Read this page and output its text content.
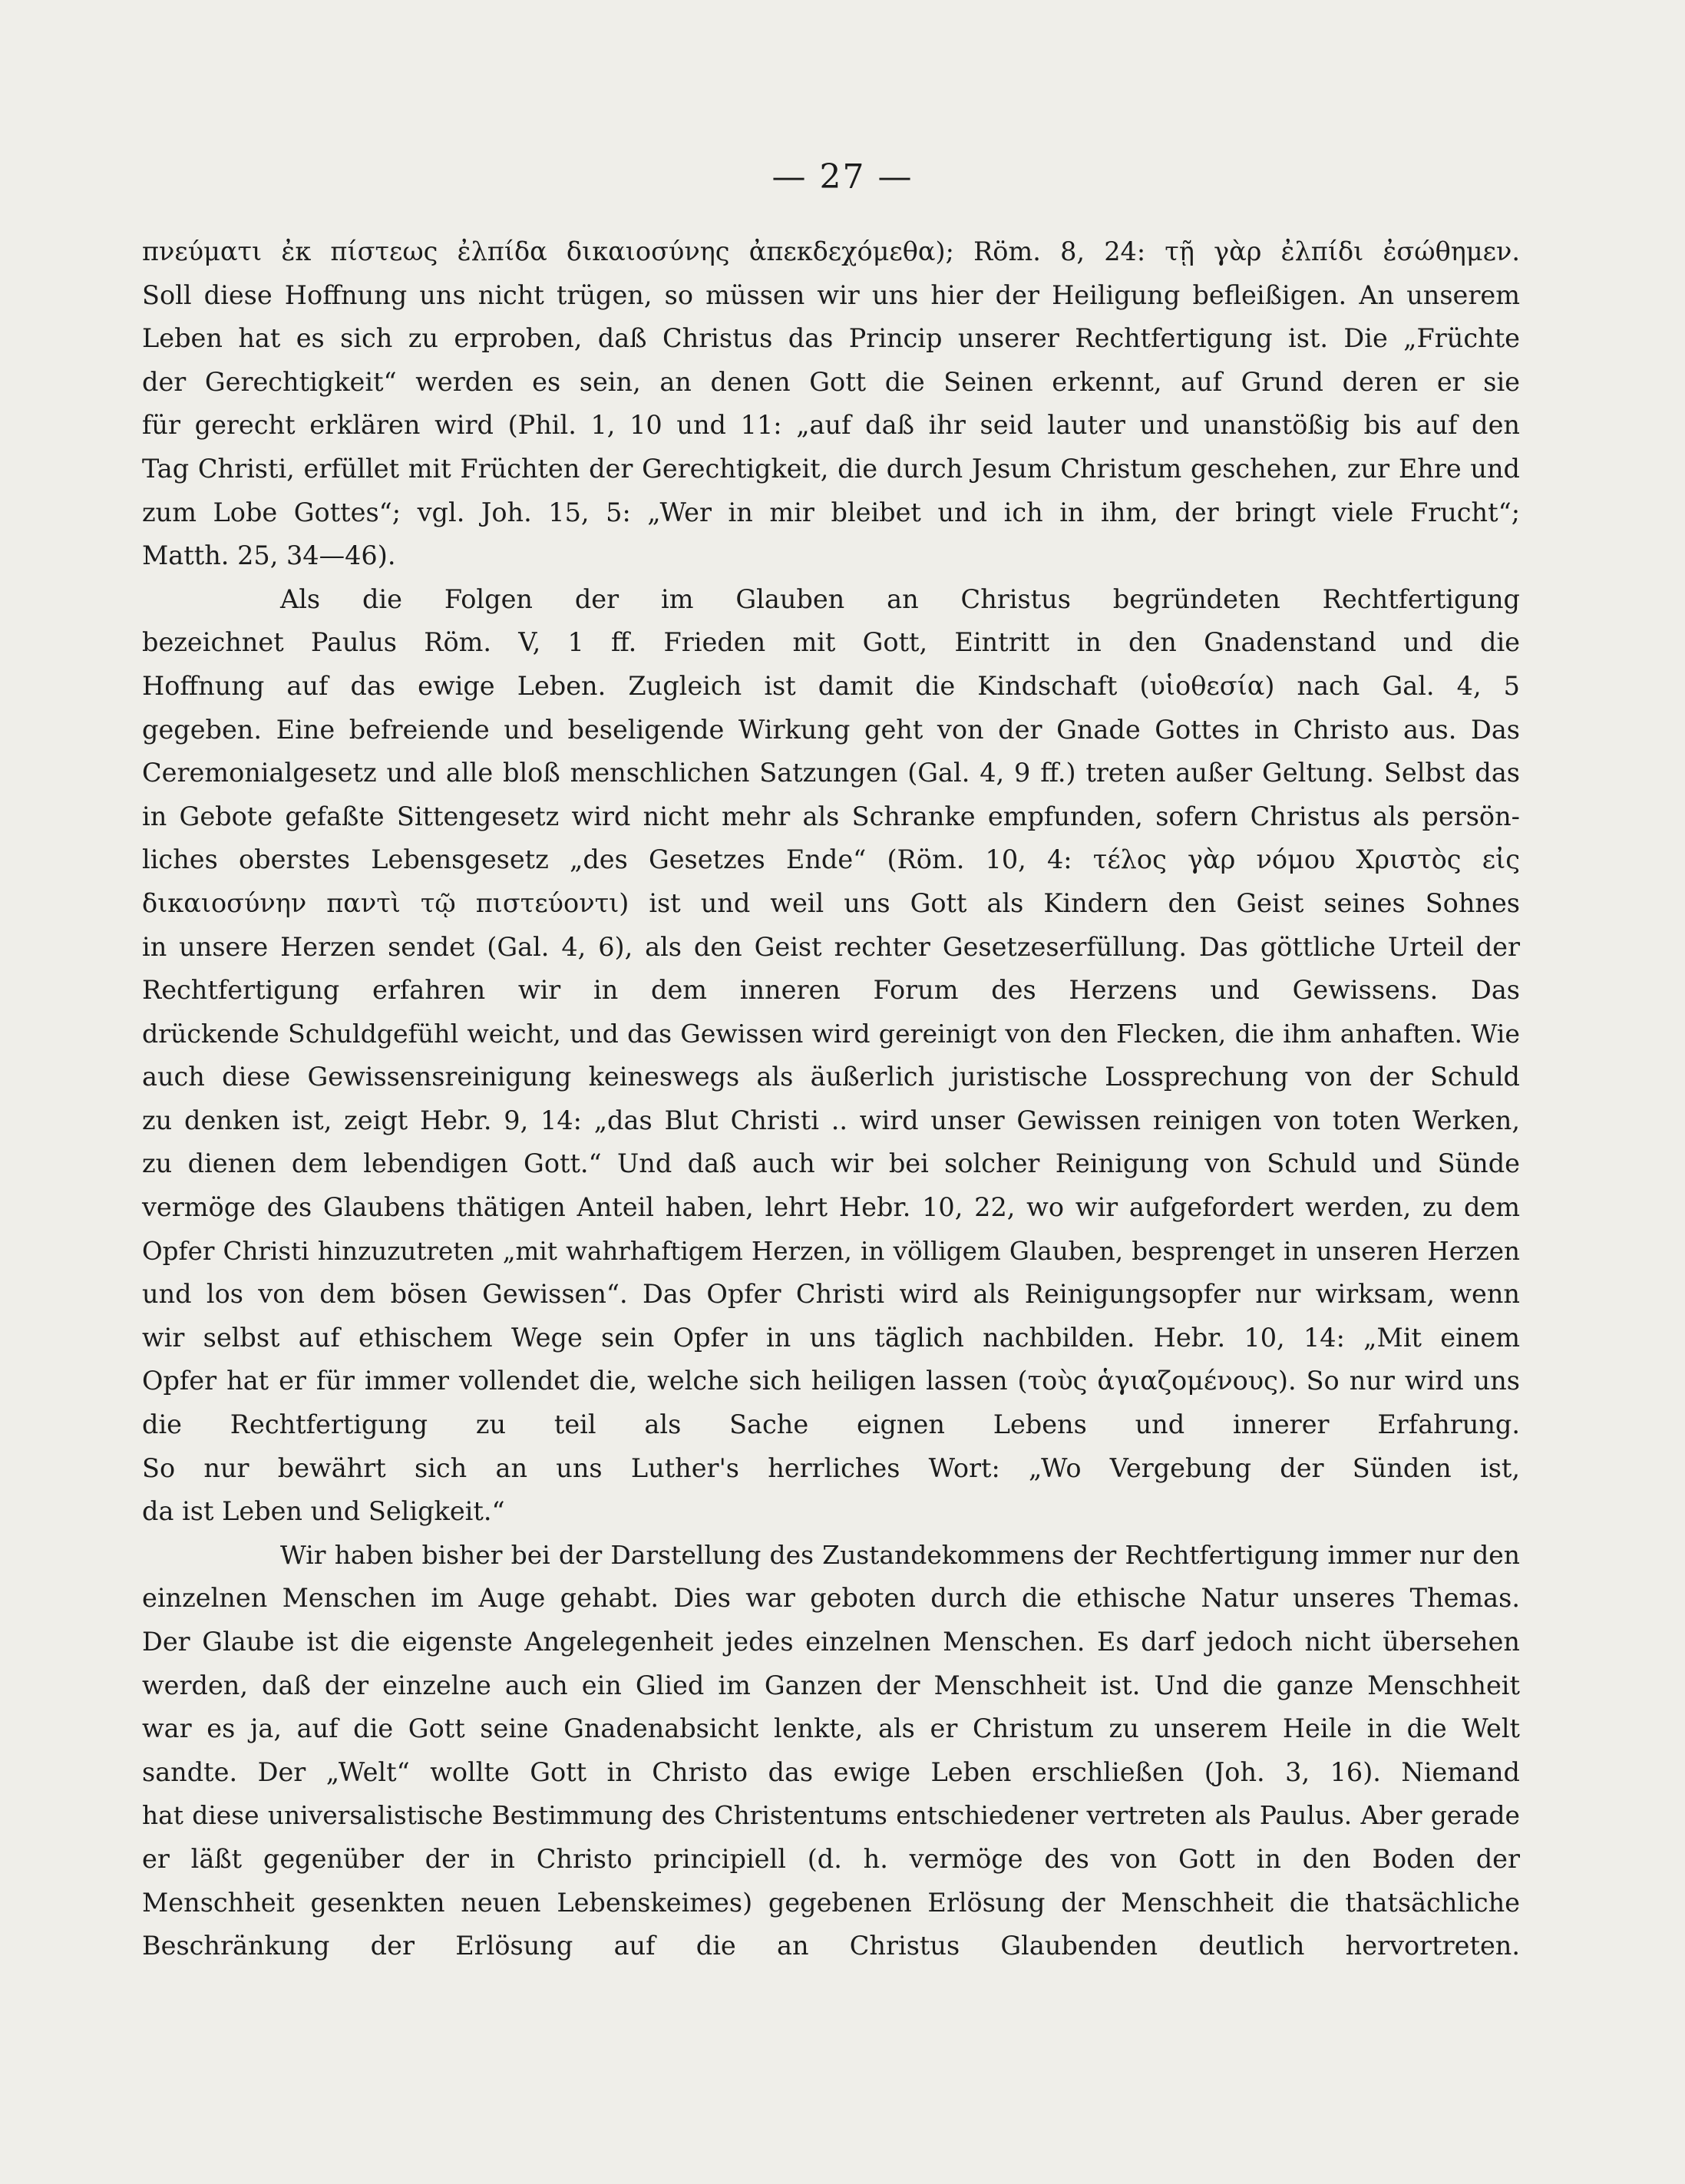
— 27 —
πνεύματι ἐκ πίστεως ἐλπίδα δικαιοσύνης ἀπεκδεχόμεθα); Röm. 8, 24: τῇ γὰρ ἐλπίδι ἐσώθημεν.
Soll diese Hoffnung uns nicht trügen, so müssen wir uns hier der Heiligung befleißigen. An unserem
Leben hat es sich zu erproben, daß Christus das Princip unserer Rechtfertigung ist. Die „Früchte
der Gerechtigkeit“ werden es sein, an denen Gott die Seinen erkennt, auf Grund deren er sie
für gerecht erklären wird (Phil. 1, 10 und 11: „auf daß ihr seid lauter und unanstößig bis auf den
Tag Christi, erfüllet mit Früchten der Gerechtigkeit, die durch Jesum Christum geschehen, zur Ehre und
zum Lobe Gottes“; vgl. Joh. 15, 5: „Wer in mir bleibet und ich in ihm, der bringt viele Frucht“;
Matth. 25, 34—46).
Als die Folgen der im Glauben an Christus begründeten Rechtfertigung
bezeichnet Paulus Röm. V, 1 ff. Frieden mit Gott, Eintritt in den Gnadenstand und die
Hoffnung auf das ewige Leben. Zugleich ist damit die Kindschaft (υἱοθεσία) nach Gal. 4, 5
gegeben. Eine befreiende und beseligende Wirkung geht von der Gnade Gottes in Christo aus. Das
Ceremonialgesetz und alle bloß menschlichen Satzungen (Gal. 4, 9 ff.) treten außer Geltung. Selbst das
in Gebote gefaßte Sittengesetz wird nicht mehr als Schranke empfunden, sofern Christus als persön-
liches oberstes Lebensgesetz „des Gesetzes Ende“ (Röm. 10, 4: τέλος γὰρ νόμου Χριστὸς εἰς
δικαιοσύνην παντὶ τῷ πιστεύοντι) ist und weil uns Gott als Kindern den Geist seines Sohnes
in unsere Herzen sendet (Gal. 4, 6), als den Geist rechter Gesetzeserfüllung. Das göttliche Urteil der
Rechtfertigung erfahren wir in dem inneren Forum des Herzens und Gewissens. Das
drückende Schuldgefühl weicht, und das Gewissen wird gereinigt von den Flecken, die ihm anhaften. Wie
auch diese Gewissensreinigung keineswegs als äußerlich juristische Lossprechung von der Schuld
zu denken ist, zeigt Hebr. 9, 14: „das Blut Christi .. wird unser Gewissen reinigen von toten Werken,
zu dienen dem lebendigen Gott.“ Und daß auch wir bei solcher Reinigung von Schuld und Sünde
vermöge des Glaubens thätigen Anteil haben, lehrt Hebr. 10, 22, wo wir aufgefordert werden, zu dem
Opfer Christi hinzuzutreten „mit wahrhaftigem Herzen, in völligem Glauben, besprenget in unseren Herzen
und los von dem bösen Gewissen“. Das Opfer Christi wird als Reinigungsopfer nur wirksam, wenn
wir selbst auf ethischem Wege sein Opfer in uns täglich nachbilden. Hebr. 10, 14: „Mit einem
Opfer hat er für immer vollendet die, welche sich heiligen lassen (τοὺς ἁγιαζομένους). So nur wird uns
die Rechtfertigung zu teil als Sache eignen Lebens und innerer Erfahrung.
So nur bewährt sich an uns Luther's herrliches Wort: „Wo Vergebung der Sünden ist,
da ist Leben und Seligkeit.“
Wir haben bisher bei der Darstellung des Zustandekommens der Rechtfertigung immer nur den
einzelnen Menschen im Auge gehabt. Dies war geboten durch die ethische Natur unseres Themas.
Der Glaube ist die eigenste Angelegenheit jedes einzelnen Menschen. Es darf jedoch nicht übersehen
werden, daß der einzelne auch ein Glied im Ganzen der Menschheit ist. Und die ganze Menschheit
war es ja, auf die Gott seine Gnadenabsicht lenkte, als er Christum zu unserem Heile in die Welt
sandte. Der „Welt“ wollte Gott in Christo das ewige Leben erschließen (Joh. 3, 16). Niemand
hat diese universalistische Bestimmung des Christentums entschiedener vertreten als Paulus. Aber gerade
er läßt gegenüber der in Christo principiell (d. h. vermöge des von Gott in den Boden der
Menschheit gesenkten neuen Lebenskeimes) gegebenen Erlösung der Menschheit die thatsächliche
Beschränkung der Erlösung auf die an Christus Glaubenden deutlich hervortreten.
